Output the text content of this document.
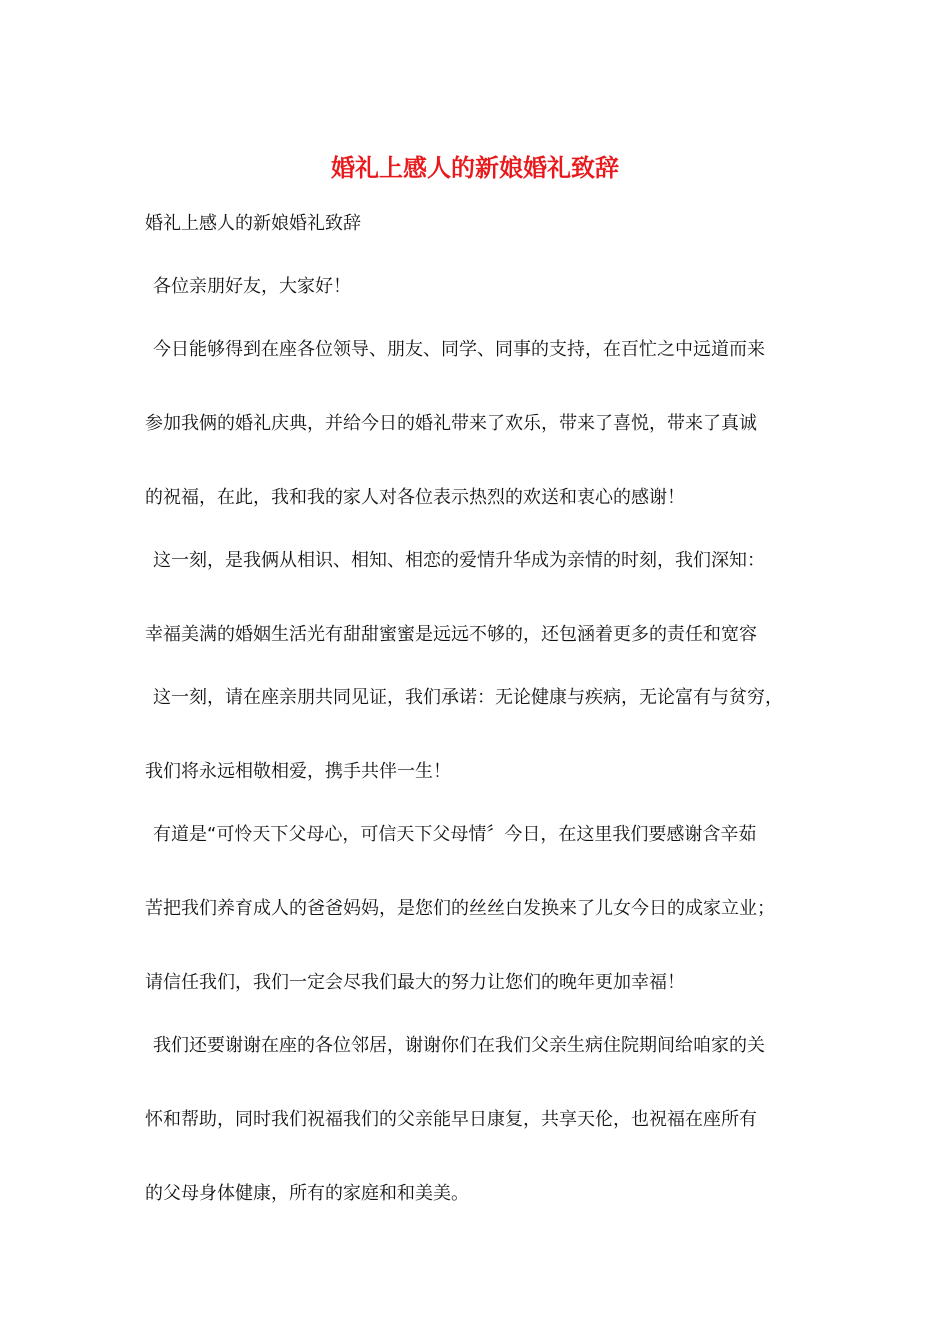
婚礼上感人的新娘婚礼致辞
婚礼上感人的新娘婚礼致辞
各位亲朋好友，大家好！
今日能够得到在座各位领导、朋友、同学、同事的支持，在百忙之中远道而来
参加我俩的婚礼庆典，并给今日的婚礼带来了欢乐，带来了喜悦，带来了真诚
的祝福，在此，我和我的家人对各位表示热烈的欢送和衷心的感谢！
这一刻，是我俩从相识、相知、相恋的爱情升华成为亲情的时刻，我们深知：
幸福美满的婚姻生活光有甜甜蜜蜜是远远不够的，还包涵着更多的责任和宽容
这一刻，请在座亲朋共同见证，我们承诺：无论健康与疾病，无论富有与贫穷，
我们将永远相敬相爱，携手共伴一生！
有道是“可怜天下父母心，可信天下父母情〞今日，在这里我们要感谢含辛茹
苦把我们养育成人的爸爸妈妈，是您们的丝丝白发换来了儿女今日的成家立业；
请信任我们，我们一定会尽我们最大的努力让您们的晚年更加幸福！
我们还要谢谢在座的各位邻居，谢谢你们在我们父亲生病住院期间给咱家的关
怀和帮助，同时我们祝福我们的父亲能早日康复，共享天伦，也祝福在座所有
的父母身体健康，所有的家庭和和美美。
